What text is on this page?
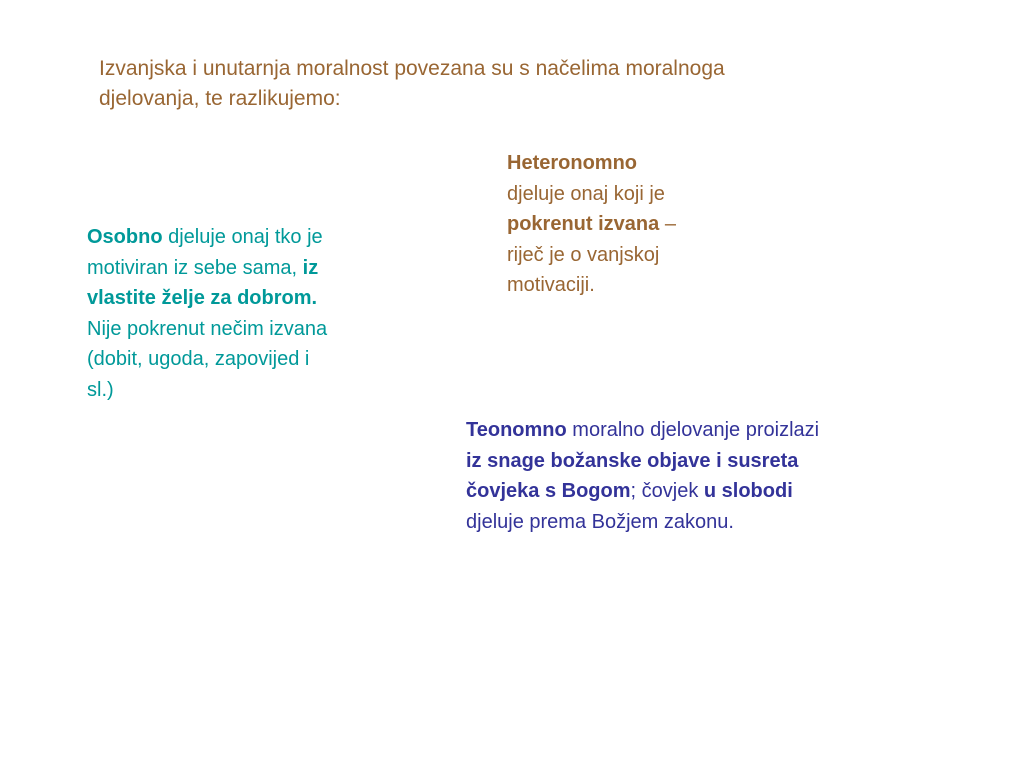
Izvanjska i unutarnja moralnost povezana su s načelima moralnoga
djelovanja, te razlikujemo:

Osobno djeluje onaj tko je motiviran iz sebe sama, iz vlastite želje za dobrom. Nije pokrenut nečim izvana (dobit, ugoda, zapovijed i sl.)

Heteronomno djeluje onaj koji je pokrenut izvana – riječ je o vanjskoj motivaciji.

Teonomno moralno djelovanje proizlazi iz snage božanske objave i susreta čovjeka s Bogom; čovjek u slobodi djeluje prema Božjem zakonu.
